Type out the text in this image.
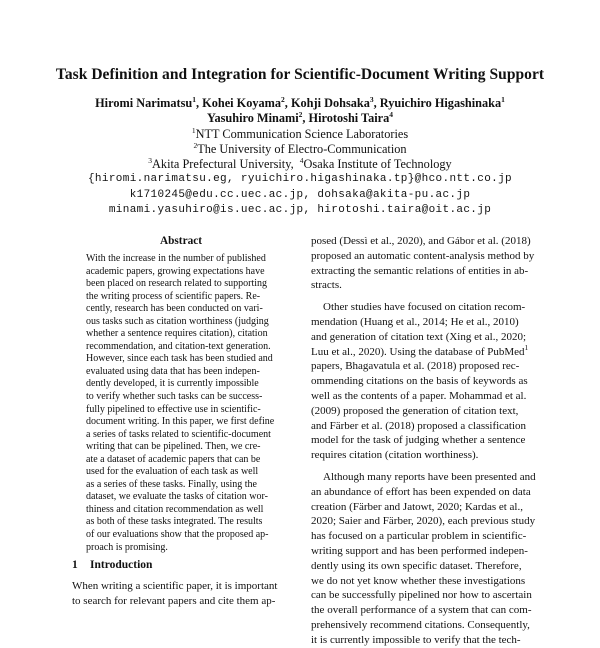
Task Definition and Integration for Scientific-Document Writing Support
Hiromi Narimatsu$^1$, Kohei Koyama$^2$, Kohji Dohsaka$^3$, Ryuichiro Higashinaka$^1$
Yasuhiro Minami$^2$, Hirotoshi Taira$^4$
$^1$NTT Communication Science Laboratories
$^2$The University of Electro-Communication
$^3$Akita Prefectural University,  $^4$Osaka Institute of Technology
{hiromi.narimatsu.eg, ryuichiro.higashinaka.tp}@hco.ntt.co.jp
k1710245@edu.cc.uec.ac.jp, dohsaka@akita-pu.ac.jp
minami.yasuhiro@is.uec.ac.jp, hirotoshi.taira@oit.ac.jp
Abstract
With the increase in the number of published
academic papers, growing expectations have
been placed on research related to supporting
the writing process of scientific papers. Re-
cently, research has been conducted on vari-
ous tasks such as citation worthiness (judging
whether a sentence requires citation), citation
recommendation, and citation-text generation.
However, since each task has been studied and
evaluated using data that has been indepen-
dently developed, it is currently impossible
to verify whether such tasks can be success-
fully pipelined to effective use in scientific-
document writing. In this paper, we first define
a series of tasks related to scientific-document
writing that can be pipelined. Then, we cre-
ate a dataset of academic papers that can be
used for the evaluation of each task as well
as a series of these tasks. Finally, using the
dataset, we evaluate the tasks of citation wor-
thiness and citation recommendation as well
as both of these tasks integrated. The results
of our evaluations show that the proposed ap-
proach is promising.
1 Introduction
When writing a scientific paper, it is important
to search for relevant papers and cite them ap-
posed (Dessì et al., 2020), and Gábor et al. (2018)
proposed an automatic content-analysis method by
extracting the semantic relations of entities in ab-
stracts.
Other studies have focused on citation recom-
mendation (Huang et al., 2014; He et al., 2010)
and generation of citation text (Xing et al., 2020;
Luu et al., 2020). Using the database of PubMed$^1$
papers, Bhagavatula et al. (2018) proposed rec-
ommending citations on the basis of keywords as
well as the contents of a paper. Mohammad et al.
(2009) proposed the generation of citation text,
and Färber et al. (2018) proposed a classification
model for the task of judging whether a sentence
requires citation (citation worthiness).
Although many reports have been presented and
an abundance of effort has been expended on data
creation (Färber and Jatowt, 2020; Kardas et al.,
2020; Saier and Färber, 2020), each previous study
has focused on a particular problem in scientific-
writing support and has been performed indepen-
dently using its own specific dataset. Therefore,
we do not yet know whether these investigations
can be successfully pipelined nor how to ascertain
the overall performance of a system that can com-
prehensively recommend citations. Consequently,
it is currently impossible to verify that the tech-
